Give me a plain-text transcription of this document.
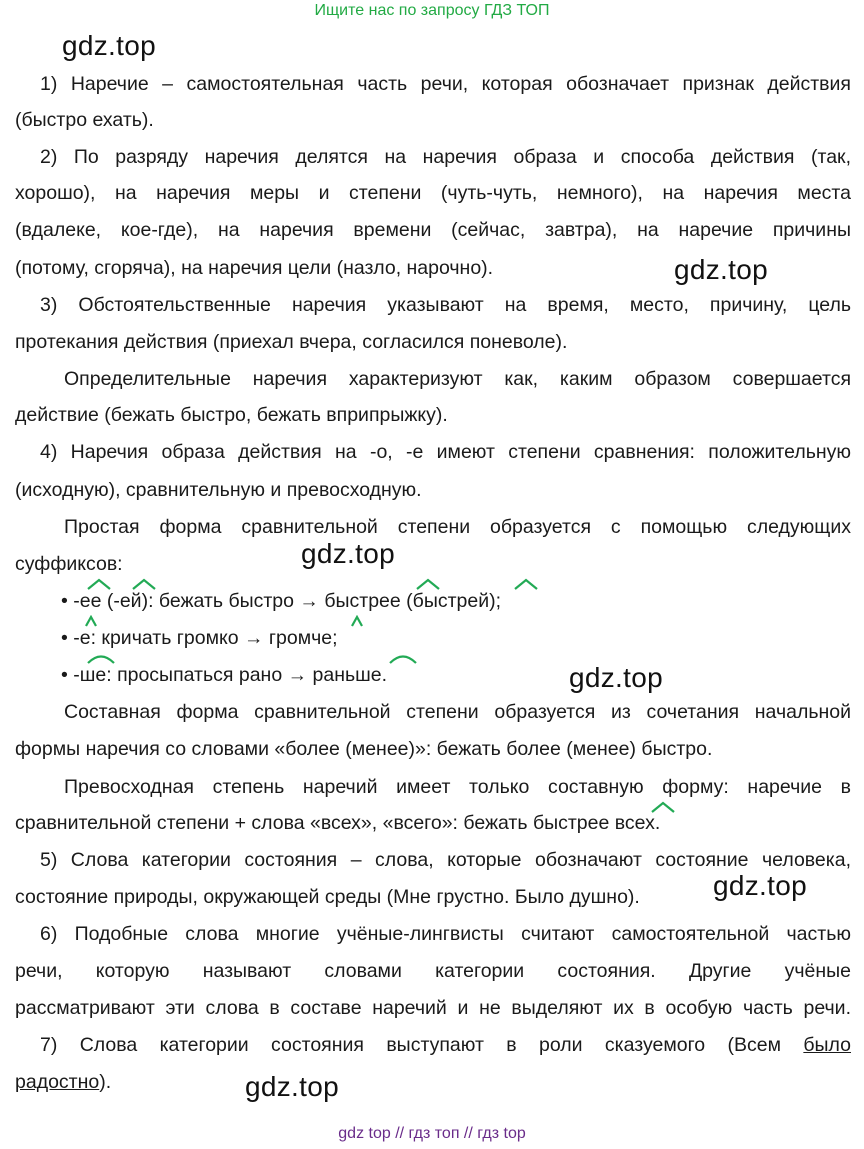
Ищите нас по запросу ГДЗ ТОП
gdz.top
gdz.top
gdz.top
gdz.top
gdz.top
gdz.top
1) Наречие – самостоятельная часть речи, которая обозначает признак действия
(быстро ехать).
2) По разряду наречия делятся на наречия образа и способа действия (так,
хорошо), на наречия меры и степени (чуть-чуть, немного), на наречия места
(вдалеке, кое-где), на наречия времени (сейчас, завтра), на наречие причины
(потому, сгоряча), на наречия цели (назло, нарочно).
3) Обстоятельственные наречия указывают на время, место, причину, цель
протекания действия (приехал вчера, согласился поневоле).
Определительные наречия характеризуют как, каким образом совершается
действие (бежать быстро, бежать вприпрыжку).
4) Наречия образа действия на -о, -е имеют степени сравнения: положительную
(исходную), сравнительную и превосходную.
Простая форма сравнительной степени образуется с помощью следующих
суффиксов:
• -ее (-ей): бежать быстро → быстрее (быстрей);
• -е: кричать громко → громче;
• -ше: просыпаться рано → раньше.
Составная форма сравнительной степени образуется из сочетания начальной
формы наречия со словами «более (менее)»: бежать более (менее) быстро.
Превосходная степень наречий имеет только составную форму: наречие в
сравнительной степени + слова «всех», «всего»: бежать быстрее всех.
5) Слова категории состояния – слова, которые обозначают состояние человека,
состояние природы, окружающей среды (Мне грустно. Было душно).
6) Подобные слова многие учёные-лингвисты считают самостоятельной частью
речи, которую называют словами категории состояния. Другие учёные
рассматривают эти слова в составе наречий и не выделяют их в особую часть речи.
7) Слова категории состояния выступают в роли сказуемого (Всем было
радостно).
gdz top // гдз топ // гдз top
